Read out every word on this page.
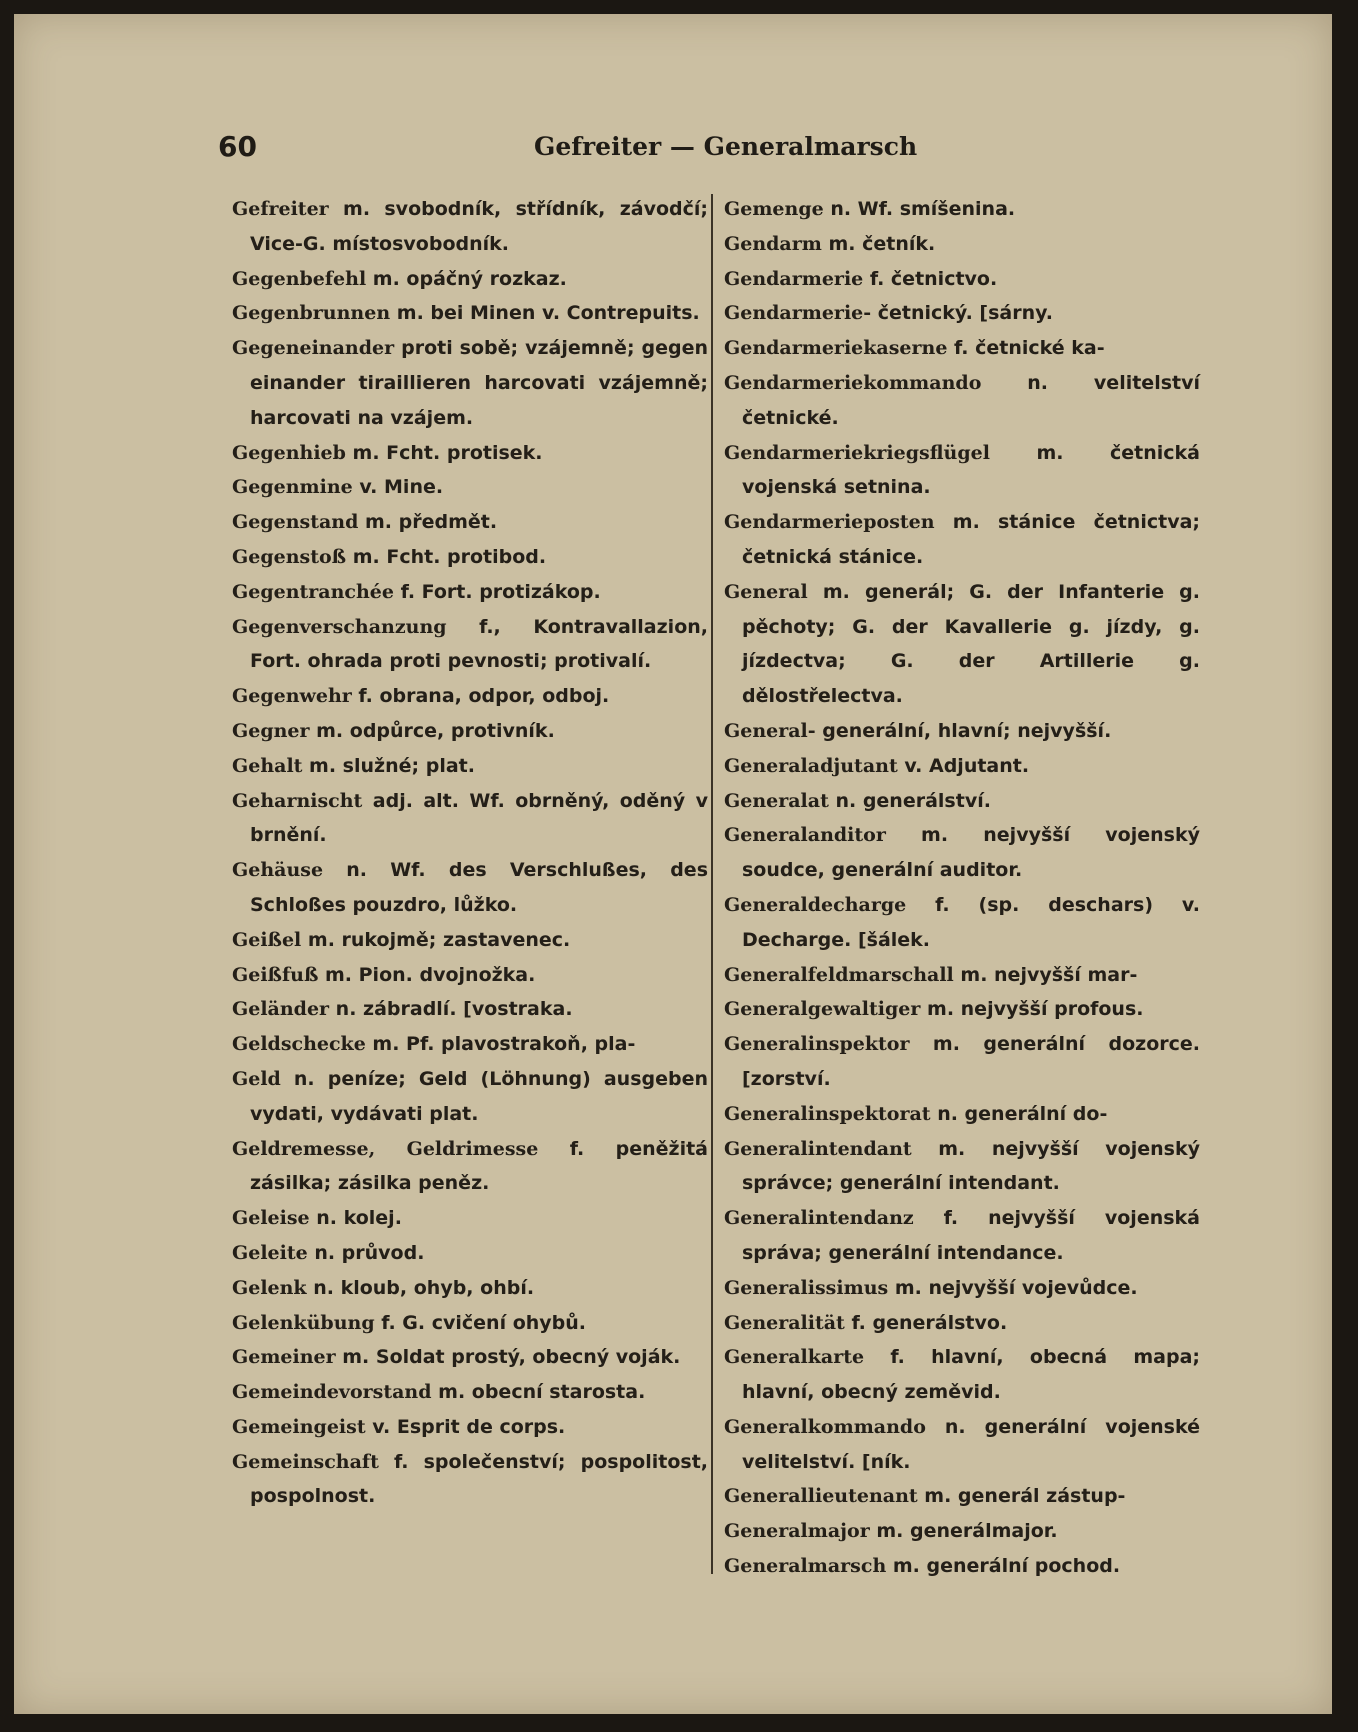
60	Gefreiter — Generalmarsch
Gefreiter m. svobodník, střídník, závodčí; Vice-G. místosvobodník.
Gegenbefehl m. opáčný rozkaz.
Gegenbrunnen m. bei Minen v. Contrepuits.
Gegeneinander proti sobě; vzájemně; gegen einander tiraillieren harcovati vzájemně; harcovati na vzájem.
Gegenhieb m. Fcht. protisek.
Gegenmine v. Mine.
Gegenstand m. předmět.
Gegenstoß m. Fcht. protibod.
Gegentranchée f. Fort. protizákop.
Gegenverschanzung f., Kontravallazion, Fort. ohrada proti pevnosti; protivalí.
Gegenwehr f. obrana, odpor, odboj.
Gegner m. odpůrce, protivník.
Gehalt m. služné; plat.
Geharnischt adj. alt. Wf. obrněný, oděný v brnění.
Gehäuse n. Wf. des Verschlußes, des Schloßes pouzdro, lůžko.
Geißel m. rukojmě; zastavenec.
Geißfuß m. Pion. dvojnožka.
Geländer n. zábradlí. [vostraka.
Geldschecke m. Pf. plavostrakoň, pla-
Geld n. peníze; Geld (Löhnung) ausgeben vydati, vydávati plat.
Geldremesse, Geldrimesse f. peněžitá zásilka; zásilka peněz.
Geleise n. kolej.
Geleite n. průvod.
Gelenk n. kloub, ohyb, ohbí.
Gelenkübung f. G. cvičení ohybů.
Gemeiner m. Soldat prostý, obecný voják.
Gemeindevorstand m. obecní starosta.
Gemeingeist v. Esprit de corps.
Gemeinschaft f. společenství; pospolitost, pospolnost.
Gemenge n. Wf. smíšenina.
Gendarm m. četník.
Gendarmerie f. četnictvo.
Gendarmerie- četnický. [sárny.
Gendarmeriekaserne f. četnické ka-
Gendarmeriekommando n. velitelství četnické.
Gendarmeriekriegsflügel m. četnická vojenská setnina.
Gendarmerieposten m. stánice četnictva; četnická stánice.
General m. generál; G. der Infanterie g. pěchoty; G. der Kavallerie g. jízdy, g. jízdectva; G. der Artillerie g. dělostřelectva.
General- generální, hlavní; nejvyšší.
Generaladjutant v. Adjutant.
Generalat n. generálství.
Generalanditor m. nejvyšší vojenský soudce, generální auditor.
Generaldecharge f. (sp. deschars) v. Decharge. [šálek.
Generalfeldmarschall m. nejvyšší mar-
Generalgewaltiger m. nejvyšší profous.
Generalinspektor m. generální dozorce. [zorství.
Generalinspektorat n. generální do-
Generalintendant m. nejvyšší vojenský správce; generální intendant.
Generalintendanz f. nejvyšší vojenská správa; generální intendance.
Generalissimus m. nejvyšší vojevůdce.
Generalität f. generálstvo.
Generalkarte f. hlavní, obecná mapa; hlavní, obecný zeměvid.
Generalkommando n. generální vojenské velitelství. [ník.
Generallieutenant m. generál zástup-
Generalmajor m. generálmajor.
Generalmarsch m. generální pochod.
